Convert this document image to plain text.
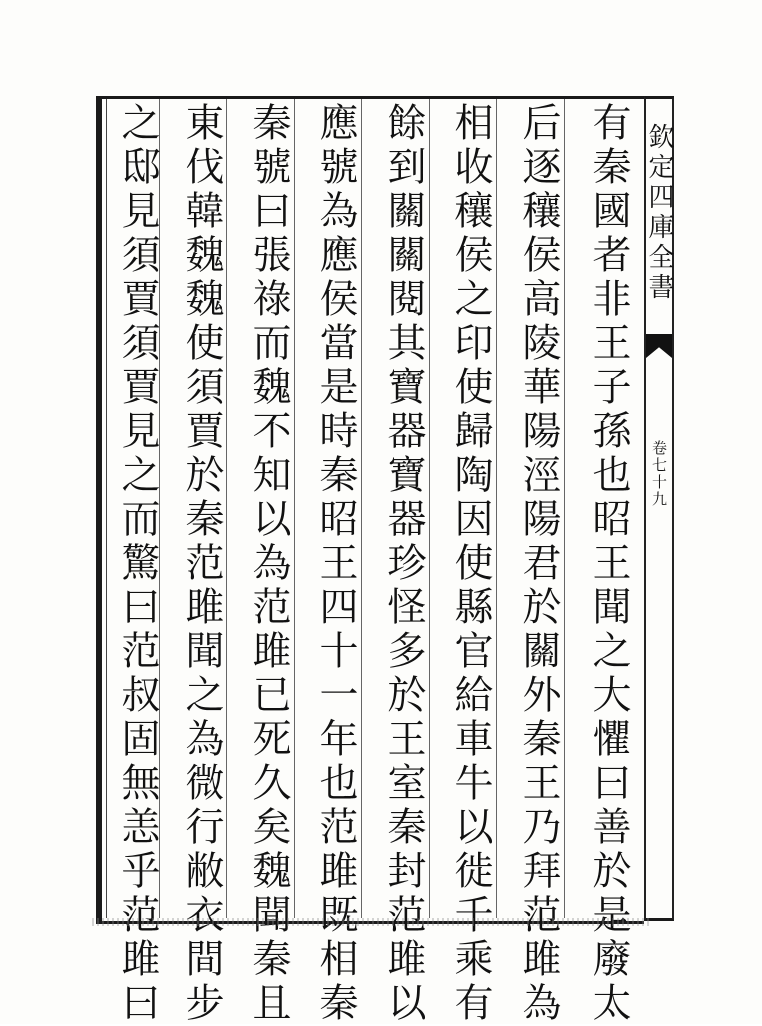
有秦國者非王子孫也昭王聞之大懼曰善於是廢太
后逐穰侯高陵華陽涇陽君於關外秦王乃拜范雎為
相收穰侯之印使歸陶因使縣官給車牛以徙千乘有
餘到關關閱其寶器寶器珍怪多於王室秦封范雎以
應號為應侯當是時秦昭王四十一年也范雎既相秦
秦號曰張祿而魏不知以為范雎已死久矣魏聞秦且
東伐韓魏魏使須賈於秦范雎聞之為微行敝衣間步
之邸見須賈須賈見之而驚曰范叔固無恙乎范雎曰	欽定四庫全書
卷七十九
